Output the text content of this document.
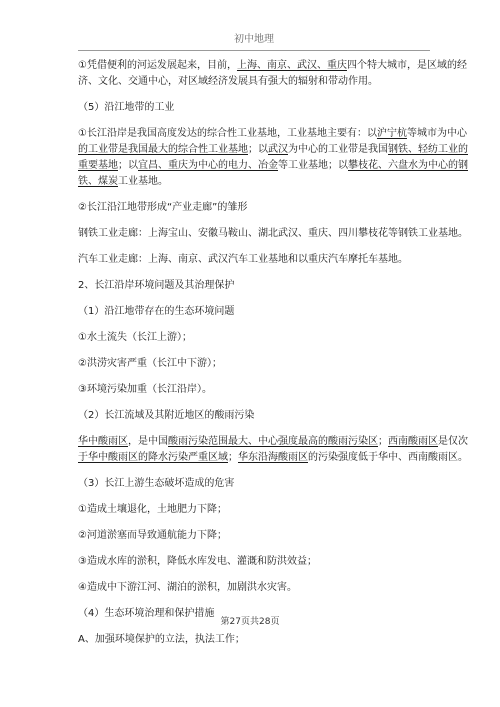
初中地理

①凭借便利的河运发展起来，目前，上海、南京、武汉、重庆四个特大城市，是区域的经

济、文化、交通中心，对区域经济发展具有强大的辐射和带动作用。

（5）沿江地带的工业

①长江沿岸是我国高度发达的综合性工业基地，工业基地主要有：以沪宁杭等城市为中心

的工业带是我国最大的综合性工业基地；以武汉为中心的工业带是我国钢铁、轻纺工业的

重要基地；以宜昌、重庆为中心的电力、冶金等工业基地；以攀枝花、六盘水为中心的钢

铁、煤炭工业基地。

②长江沿江地带形成“产业走廊”的雏形

钢铁工业走廊：上海宝山、安徽马鞍山、湖北武汉、重庆、四川攀枝花等钢铁工业基地。

汽车工业走廊：上海、南京、武汉汽车工业基地和以重庆汽车摩托车基地。

2、长江沿岸环境问题及其治理保护

（1）沿江地带存在的生态环境问题

①水土流失（长江上游）；

②洪涝灾害严重（长江中下游）；

③环境污染加重（长江沿岸）。

（2）长江流域及其附近地区的酸雨污染

华中酸雨区，是中国酸雨污染范围最大、中心强度最高的酸雨污染区；西南酸雨区是仅次

于华中酸雨区的降水污染严重区域；华东沿海酸雨区的污染强度低于华中、西南酸雨区。

（3）长江上游生态破坏造成的危害

①造成土壤退化，土地肥力下降；

②河道淤塞而导致通航能力下降；

③造成水库的淤积，降低水库发电、灌溉和防洪效益；

④造成中下游江河、湖泊的淤积，加剧洪水灾害。

（4）生态环境治理和保护措施

A、加强环境保护的立法，执法工作；

第27页共28页
